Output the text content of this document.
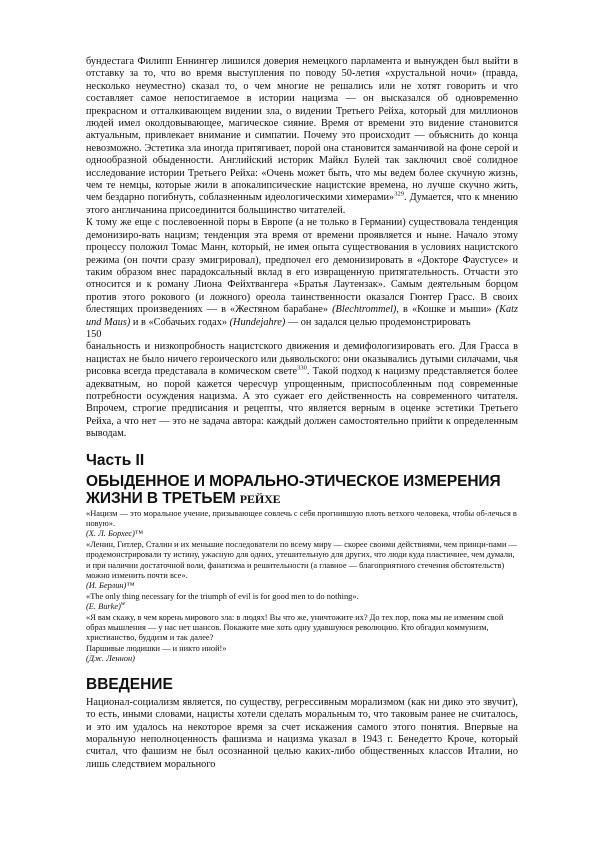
бундестага Филипп Еннингер лишился доверия немецкого парламента и вынужден был выйти в отставку за то, что во время выступления по поводу 50-летия «хрустальной ночи» (правда, несколько неуместно) сказал то, о чем многие не решались или не хотят говорить и что составляет самое непостигаемое в истории нацизма — он высказался об одновременно прекрасном и отталкивающем видении зла, о видении Третьего Рейха, который для миллионов людей имел околдовывающее, магическое сияние. Время от времени это видение становится актуальным, привлекает внимание и симпатии. Почему это происходит — объяснить до конца невозможно. Эстетика зла иногда притягивает, порой она становится заманчивой на фоне серой и однообразной обыденности. Английский историк Майкл Булей так заключил своё солидное исследование истории Третьего Рейха: «Очень может быть, что мы ведем более скучную жизнь, чем те немцы, которые жили в апокалипсические нацистские времена, но лучше скучно жить, чем бездарно погибнуть, соблазненным идеологическими химерами»$^{329}$. Думается, что к мнению этого англичанина присоединится большинство читателей.

К тому же еще с послевоенной поры в Европе (а не только в Германии) существовала тенденция демонизиро-вать нацизм; тенденция эта время от времени проявляется и ныне. Начало этому процессу положил Томас Манн, который, не имея опыта существования в условиях нацистского режима (он почти сразу эмигрировал), предпочел его демонизировать в «Докторе Фаустусе» и таким образом внес парадоксальный вклад в его извращенную притягательность. Отчасти это относится и к роману Лиона Фейхтвангера «Братья Лаутензак». Самым деятельным борцом против этого рокового (и ложного) ореола таинственности оказался Гюнтер Грасс. В своих блестящих произведениях — в «Жестяном барабане» (Blechtrommel), в «Кошке и мыши» (Katz und Maus) и в «Собачьих годах» (Hundejahre) — он задался целью продемонстрировать

150

банальность и низкопробность нацистского движения и демифологизировать его. Для Грасса в нацистах не было ничего героического или дьявольского: они оказывались дутыми силачами, чья рисовка всегда представала в комическом свете$^{330}$. Такой подход к нацизму представляется более адекватным, но порой кажется чересчур упрощенным, приспособленным под современные потребности осуждения нацизма. А это сужает его действенность на современного читателя. Впрочем, строгие предписания и рецепты, что является верным в оценке эстетики Третьего Рейха, а что нет — это не задача автора: каждый должен самостоятельно прийти к определенным выводам.

Часть II
ОБЫДЕННОЕ И МОРАЛЬНО-ЭТИЧЕСКОЕ ИЗМЕРЕНИЯ ЖИЗНИ В ТРЕТЬЕМ РЕЙХЕ

«Нацизм — это моральное учение, призывающее совлечь с себя прогнившую плоть ветхого человека, чтобы об-лечься в новую».

(Х. Л. Борхес)™

«Ленин, Гитлер, Сталин и их меньшие последователи по всему миру — скорее своими действиями, чем принци-пами — продемонстрировали ту истину, ужасную для одних, утешительную для других, что люди куда пластичнее, чем думали, и при наличии достаточной воли, фанатизма и решительности (а главное — благоприятного стечения обстоятельств) можно изменить почти все».

(И. Берлин)™

«The only thing necessary for the triumph of evil is for good men to do nothing».

(E. Burke)$^w$

«Я вам скажу, в чем корень мирового зла: в людях! Вы что же, уничтожите их? До тех пор, пока мы не изменим свой образ мышления — у нас нет шансов. Покажите мне хоть одну удавшуюся революцию. Кто обгадил коммунизм, христианство, буддизм и так далее?

Паршивые людишки — и никто иной!»

(Дж. Леннон)

ВВЕДЕНИЕ

Национал-социализм является, по существу, регрессивным морализмом (как ни дико это звучит), то есть, иными словами, нацисты хотели сделать моральным то, что таковым ранее не считалось, и это им удалось на некоторое время за счет искажения самого этого понятия. Впервые на моральную неполноценность фашизма и нацизма указал в 1943 г. Бенедетто Кроче, который считал, что фашизм не был осознанной целью каких-либо общественных классов Италии, но лишь следствием морального
